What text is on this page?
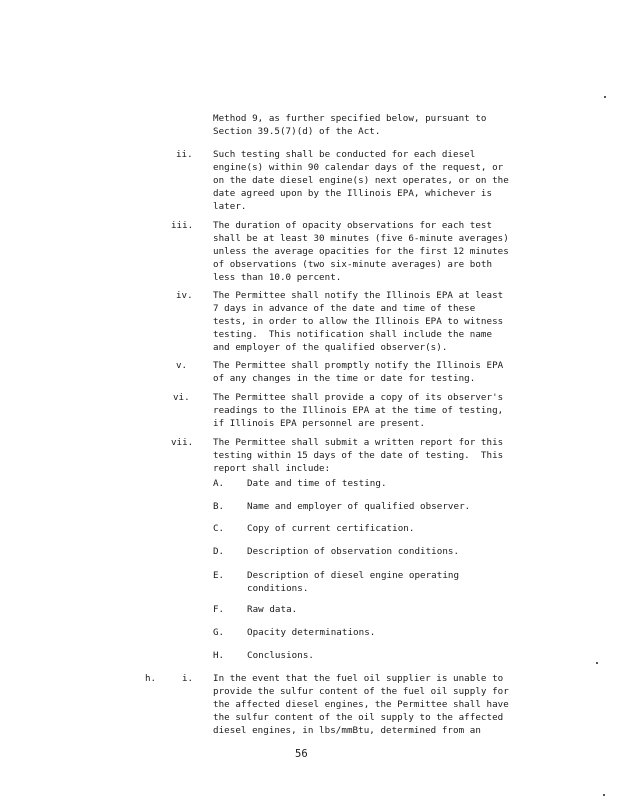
Method 9, as further specified below, pursuant to
Section 39.5(7)(d) of the Act.
ii. Such testing shall be conducted for each diesel
engine(s) within 90 calendar days of the request, or
on the date diesel engine(s) next operates, or on the
date agreed upon by the Illinois EPA, whichever is
later.
iii. The duration of opacity observations for each test
shall be at least 30 minutes (five 6-minute averages)
unless the average opacities for the first 12 minutes
of observations (two six-minute averages) are both
less than 10.0 percent.
iv. The Permittee shall notify the Illinois EPA at least
7 days in advance of the date and time of these
tests, in order to allow the Illinois EPA to witness
testing.  This notification shall include the name
and employer of the qualified observer(s).
v.	The Permittee shall promptly notify the Illinois EPA
of any changes in the time or date for testing.
vi.	The Permittee shall provide a copy of its observer's
readings to the Illinois EPA at the time of testing,
if Illinois EPA personnel are present.
vii. The Permittee shall submit a written report for this
testing within 15 days of the date of testing.  This
report shall include:
A. Date and time of testing.
B. Name and employer of qualified observer.
C. Copy of current certification.
D. Description of observation conditions.
E. Description of diesel engine operating
conditions.
F. Raw data.
G. Opacity determinations.
H. Conclusions.
h.	i. In the event that the fuel oil supplier is unable to
provide the sulfur content of the fuel oil supply for
the affected diesel engines, the Permittee shall have
the sulfur content of the oil supply to the affected
diesel engines, in lbs/mmBtu, determined from an
56
